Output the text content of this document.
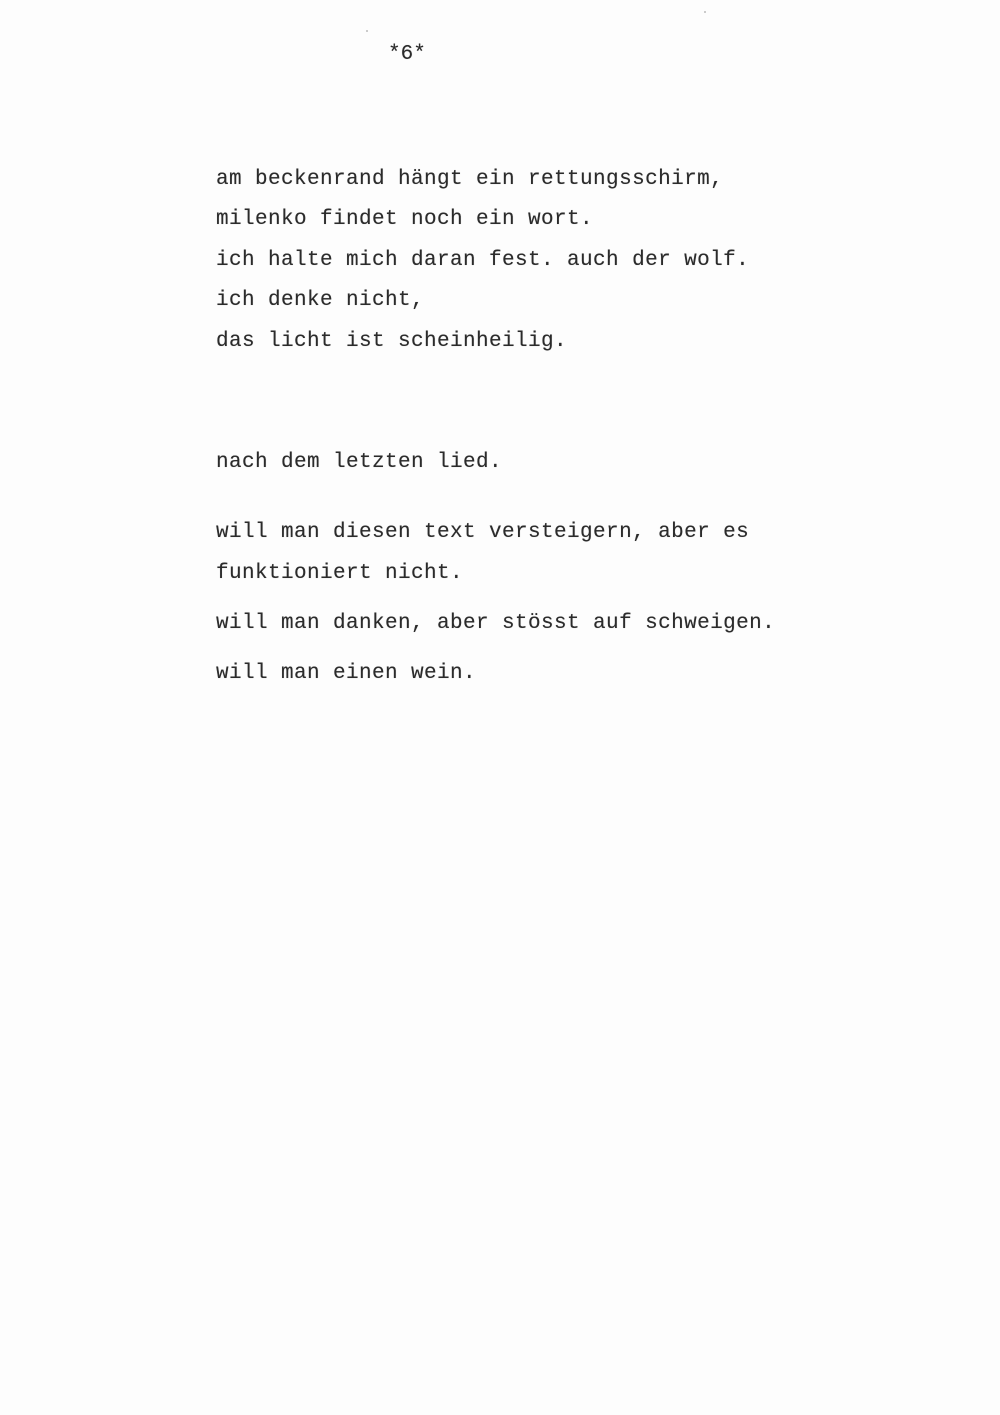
*6*

am beckenrand hängt ein rettungsschirm,

milenko findet noch ein wort.

ich halte mich daran fest. auch der wolf.

ich denke nicht,

das licht ist scheinheilig.

nach dem letzten lied.

will man diesen text versteigern, aber es

funktioniert nicht.

will man danken, aber stösst auf schweigen.

will man einen wein.
